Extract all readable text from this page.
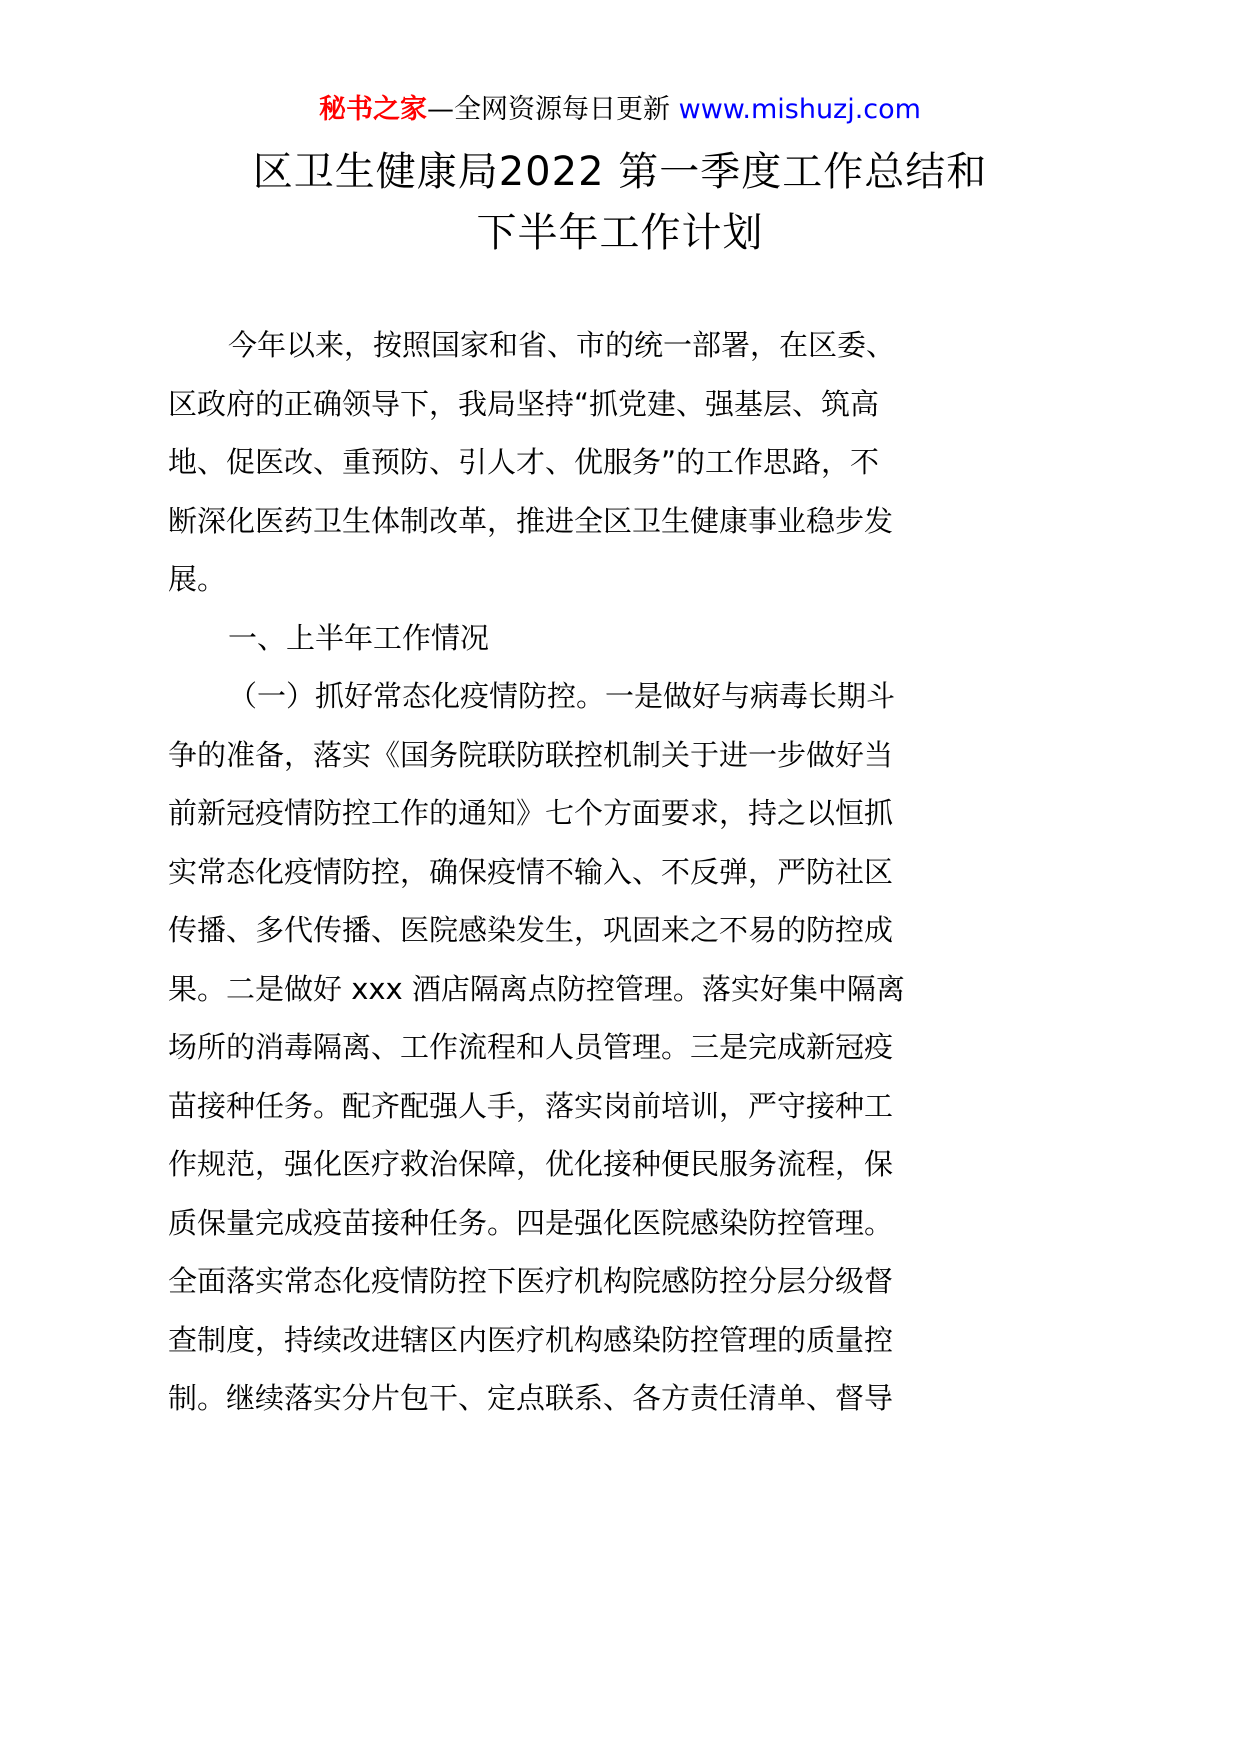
秘书之家—全网资源每日更新 www.mishuzj.com
区卫生健康局2022 第一季度工作总结和
下半年工作计划
今年以来，按照国家和省、市的统一部署，在区委、
区政府的正确领导下，我局坚持“抓党建、强基层、筑高
地、促医改、重预防、引人才、优服务”的工作思路，不
断深化医药卫生体制改革，推进全区卫生健康事业稳步发
展。
一、上半年工作情况
（一）抓好常态化疫情防控。一是做好与病毒长期斗
争的准备，落实《国务院联防联控机制关于进一步做好当
前新冠疫情防控工作的通知》七个方面要求，持之以恒抓
实常态化疫情防控，确保疫情不输入、不反弹，严防社区
传播、多代传播、医院感染发生，巩固来之不易的防控成
果。二是做好 xxx 酒店隔离点防控管理。落实好集中隔离
场所的消毒隔离、工作流程和人员管理。三是完成新冠疫
苗接种任务。配齐配强人手，落实岗前培训，严守接种工
作规范，强化医疗救治保障，优化接种便民服务流程，保
质保量完成疫苗接种任务。四是强化医院感染防控管理。
全面落实常态化疫情防控下医疗机构院感防控分层分级督
查制度，持续改进辖区内医疗机构感染防控管理的质量控
制。继续落实分片包干、定点联系、各方责任清单、督导
